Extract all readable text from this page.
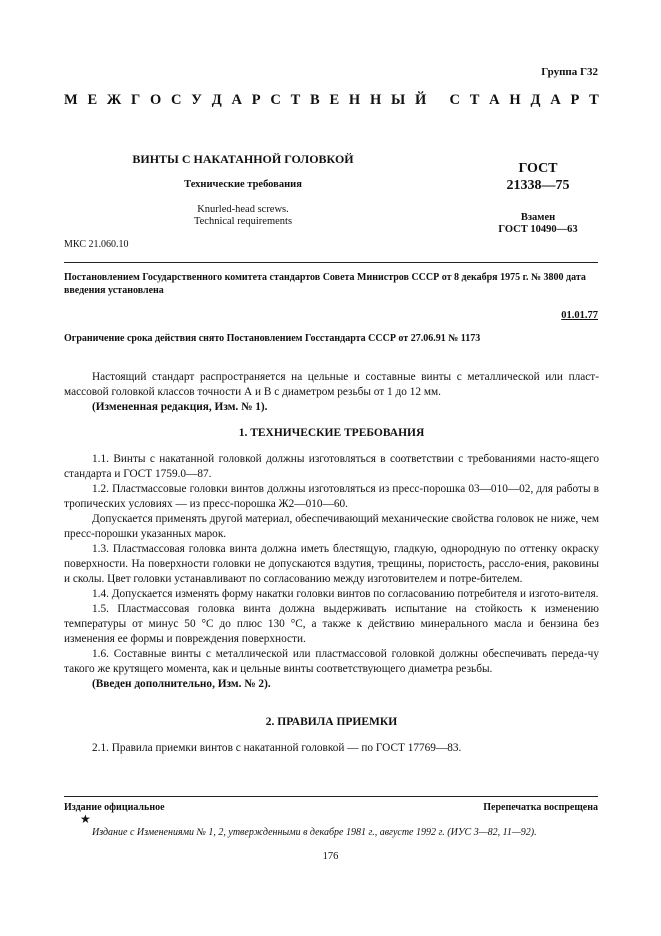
Группа Г32
М Е Ж Г О С У Д А Р С Т В Е Н Н Ы Й
С Т А Н Д А Р Т
ВИНТЫ С НАКАТАННОЙ ГОЛОВКОЙ
Технические требования
Knurled-head screws.
Technical requirements
ГОСТ
21338—75
Взамен
ГОСТ 10490—63
МКС 21.060.10
Постановлением Государственного комитета стандартов Совета Министров СССР от 8 декабря 1975 г. № 3800 дата введения установлена
01.01.77
Ограничение срока действия снято Постановлением Госстандарта СССР от 27.06.91 № 1173

Настоящий стандарт распространяется на цельные и составные винты с металлической или пласт-массовой головкой классов точности А и В с диаметром резьбы от 1 до 12 мм.

(Измененная редакция, Изм. № 1).

1. ТЕХНИЧЕСКИЕ ТРЕБОВАНИЯ

1.1. Винты с накатанной головкой должны изготовляться в соответствии с требованиями насто-ящего стандарта и ГОСТ 1759.0—87.

1.2. Пластмассовые головки винтов должны изготовляться из пресс-порошка 03—010—02, для работы в тропических условиях — из пресс-порошка Ж2—010—60.

Допускается применять другой материал, обеспечивающий механические свойства головок не ниже, чем пресс-порошки указанных марок.

1.3. Пластмассовая головка винта должна иметь блестящую, гладкую, однородную по оттенку окраску поверхности. На поверхности головки не допускаются вздутия, трещины, пористость, рассло-ения, раковины и сколы. Цвет головки устанавливают по согласованию между изготовителем и потре-бителем.

1.4. Допускается изменять форму накатки головки винтов по согласованию потребителя и изгото-вителя.

1.5. Пластмассовая головка винта должна выдерживать испытание на стойкость к изменению температуры от минус 50 °С до плюс 130 °С, а также к действию минерального масла и бензина без изменения ее формы и повреждения поверхности.

1.6. Составные винты с металлической или пластмассовой головкой должны обеспечивать переда-чу такого же крутящего момента, как и цельные винты соответствующего диаметра резьбы.

(Введен дополнительно, Изм. № 2).

2. ПРАВИЛА ПРИЕМКИ

2.1. Правила приемки винтов с накатанной головкой — по ГОСТ 17769—83.

Издание официальное	Перепечатка воспрещена
★
Издание с Изменениями № 1, 2, утвержденными в декабре 1981 г., августе 1992 г. (ИУС 3—82, 11—92).
176
